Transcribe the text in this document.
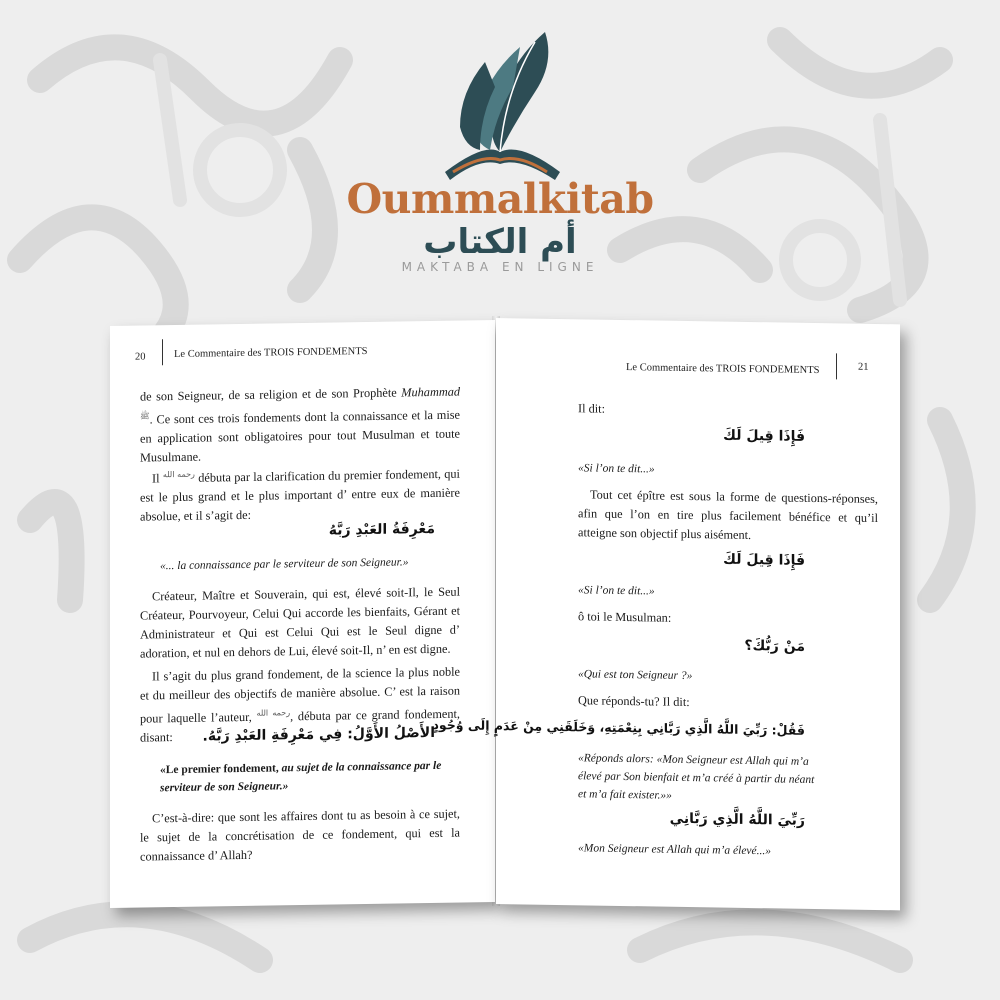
Oummalkitab
أم الكتاب
MAKTABA EN LIGNE
20	Le Commentaire des TROIS FONDEMENTS
de son Seigneur, de sa religion et de son Prophète Muhammad $^ﷺ$. Ce sont ces trois fondements dont la connaissance et la mise en application sont obligatoires pour tout Musulman et toute Musulmane.
Il $^{رحمه الله}$ débuta par la clarification du premier fondement, qui est le plus grand et le plus important d’ entre eux de manière absolue, et il s’agit de:
مَعْرِفَةُ العَبْدِ رَبَّهُ
«... la connaissance par le serviteur de son Seigneur.»
Créateur, Maître et Souverain, qui est, élevé soit-Il, le Seul Créateur, Pourvoyeur, Celui Qui accorde les bienfaits, Gérant et Administrateur et Qui est Celui Qui est le Seul digne d’ adoration, et nul en dehors de Lui, élevé soit-Il, n’ en est digne.
Il s’agit du plus grand fondement, de la science la plus noble et du meilleur des objectifs de manière absolue. C’ est la raison pour laquelle l’auteur, $^{رحمه الله}$, débuta par ce grand fondement, disant:	الأَصْلُ الأَوَّلُ: فِي مَعْرِفَةِ العَبْدِ رَبَّهُ.
«Le premier fondement, au sujet de la connaissance par le serviteur de son Seigneur.»
C’est-à-dire: que sont les affaires dont tu as besoin à ce sujet, le sujet de la concrétisation de ce fondement, qui est la connaissance d’ Allah?
Le Commentaire des TROIS FONDEMENTS	21
Il dit:
فَإِذَا قِيلَ لَكَ
«Si l’on te dit...»
Tout cet épître est sous la forme de questions-réponses, afin que l’on en tire plus facilement bénéfice et qu’il atteigne son objectif plus aisément.
فَإِذَا قِيلَ لَكَ
«Si l’on te dit...»
ô toi le Musulman:
مَنْ رَبُّكَ؟
«Qui est ton Seigneur ?»
Que réponds-tu? Il dit:
فَقُلْ: رَبِّيَ اللَّهُ الَّذِي رَبَّانِي بِنِعْمَتِهِ، وَخَلَقَنِي مِنْ عَدَمٍ إِلَى وُجُودٍ
«Réponds alors: «Mon Seigneur est Allah qui m’a élevé par Son bienfait et m’a créé à partir du néant et m’a fait exister.»»
رَبِّيَ اللَّهُ الَّذِي رَبَّانِي
«Mon Seigneur est Allah qui m’a élevé...»
